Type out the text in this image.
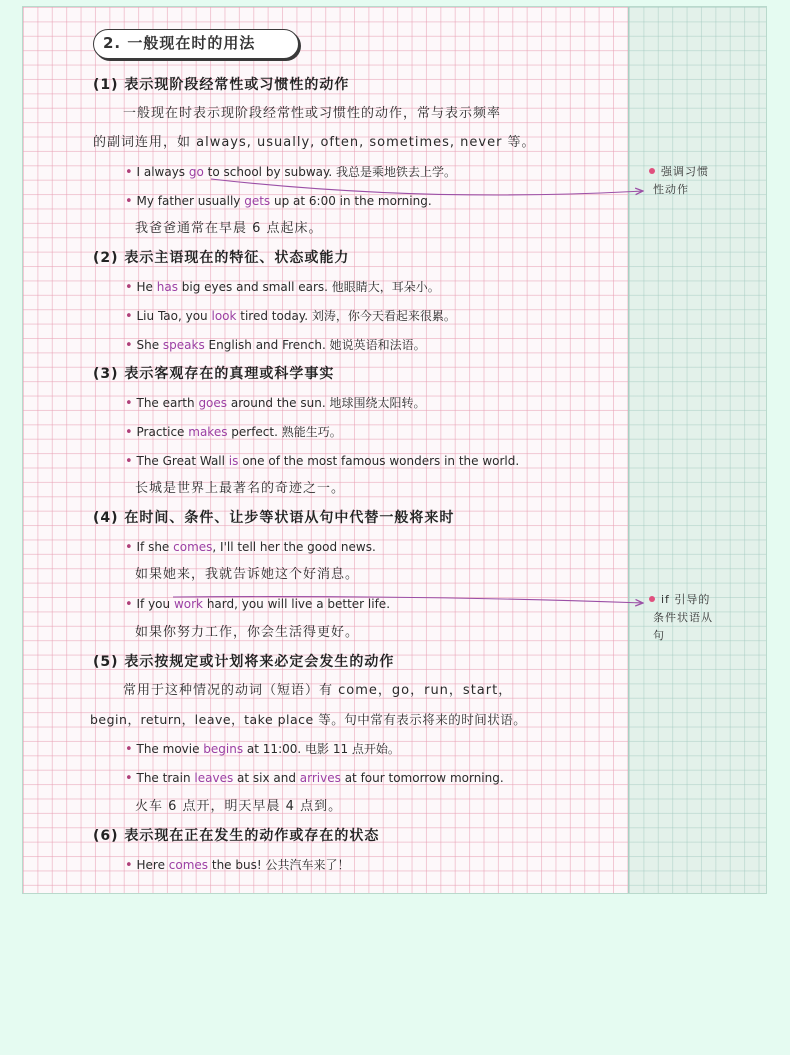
2. 一般现在时的用法
(1) 表示现阶段经常性或习惯性的动作
一般现在时表示现阶段经常性或习惯性的动作，常与表示频率
的副词连用，如 always, usually, often, sometimes, never 等。
• I always go to school by subway. 我总是乘地铁去上学。
• My father usually gets up at 6:00 in the morning.
我爸爸通常在早晨 6 点起床。
(2) 表示主语现在的特征、状态或能力
• He has big eyes and small ears. 他眼睛大，耳朵小。
• Liu Tao, you look tired today. 刘涛，你今天看起来很累。
• She speaks English and French. 她说英语和法语。
(3) 表示客观存在的真理或科学事实
• The earth goes around the sun. 地球围绕太阳转。
• Practice makes perfect. 熟能生巧。
• The Great Wall is one of the most famous wonders in the world.
长城是世界上最著名的奇迹之一。
(4) 在时间、条件、让步等状语从句中代替一般将来时
• If she comes, I'll tell her the good news.
如果她来，我就告诉她这个好消息。
• If you work hard, you will live a better life.
如果你努力工作，你会生活得更好。
(5) 表示按规定或计划将来必定会发生的动作
常用于这种情况的动词（短语）有 come，go，run，start，
begin，return，leave，take place 等。句中常有表示将来的时间状语。
• The movie begins at 11:00. 电影 11 点开始。
• The train leaves at six and arrives at four tomorrow morning.
火车 6 点开，明天早晨 4 点到。
(6) 表示现在正在发生的动作或存在的状态
• Here comes the bus! 公共汽车来了！
强调习惯
性动作
if 引导的
条件状语从
句
